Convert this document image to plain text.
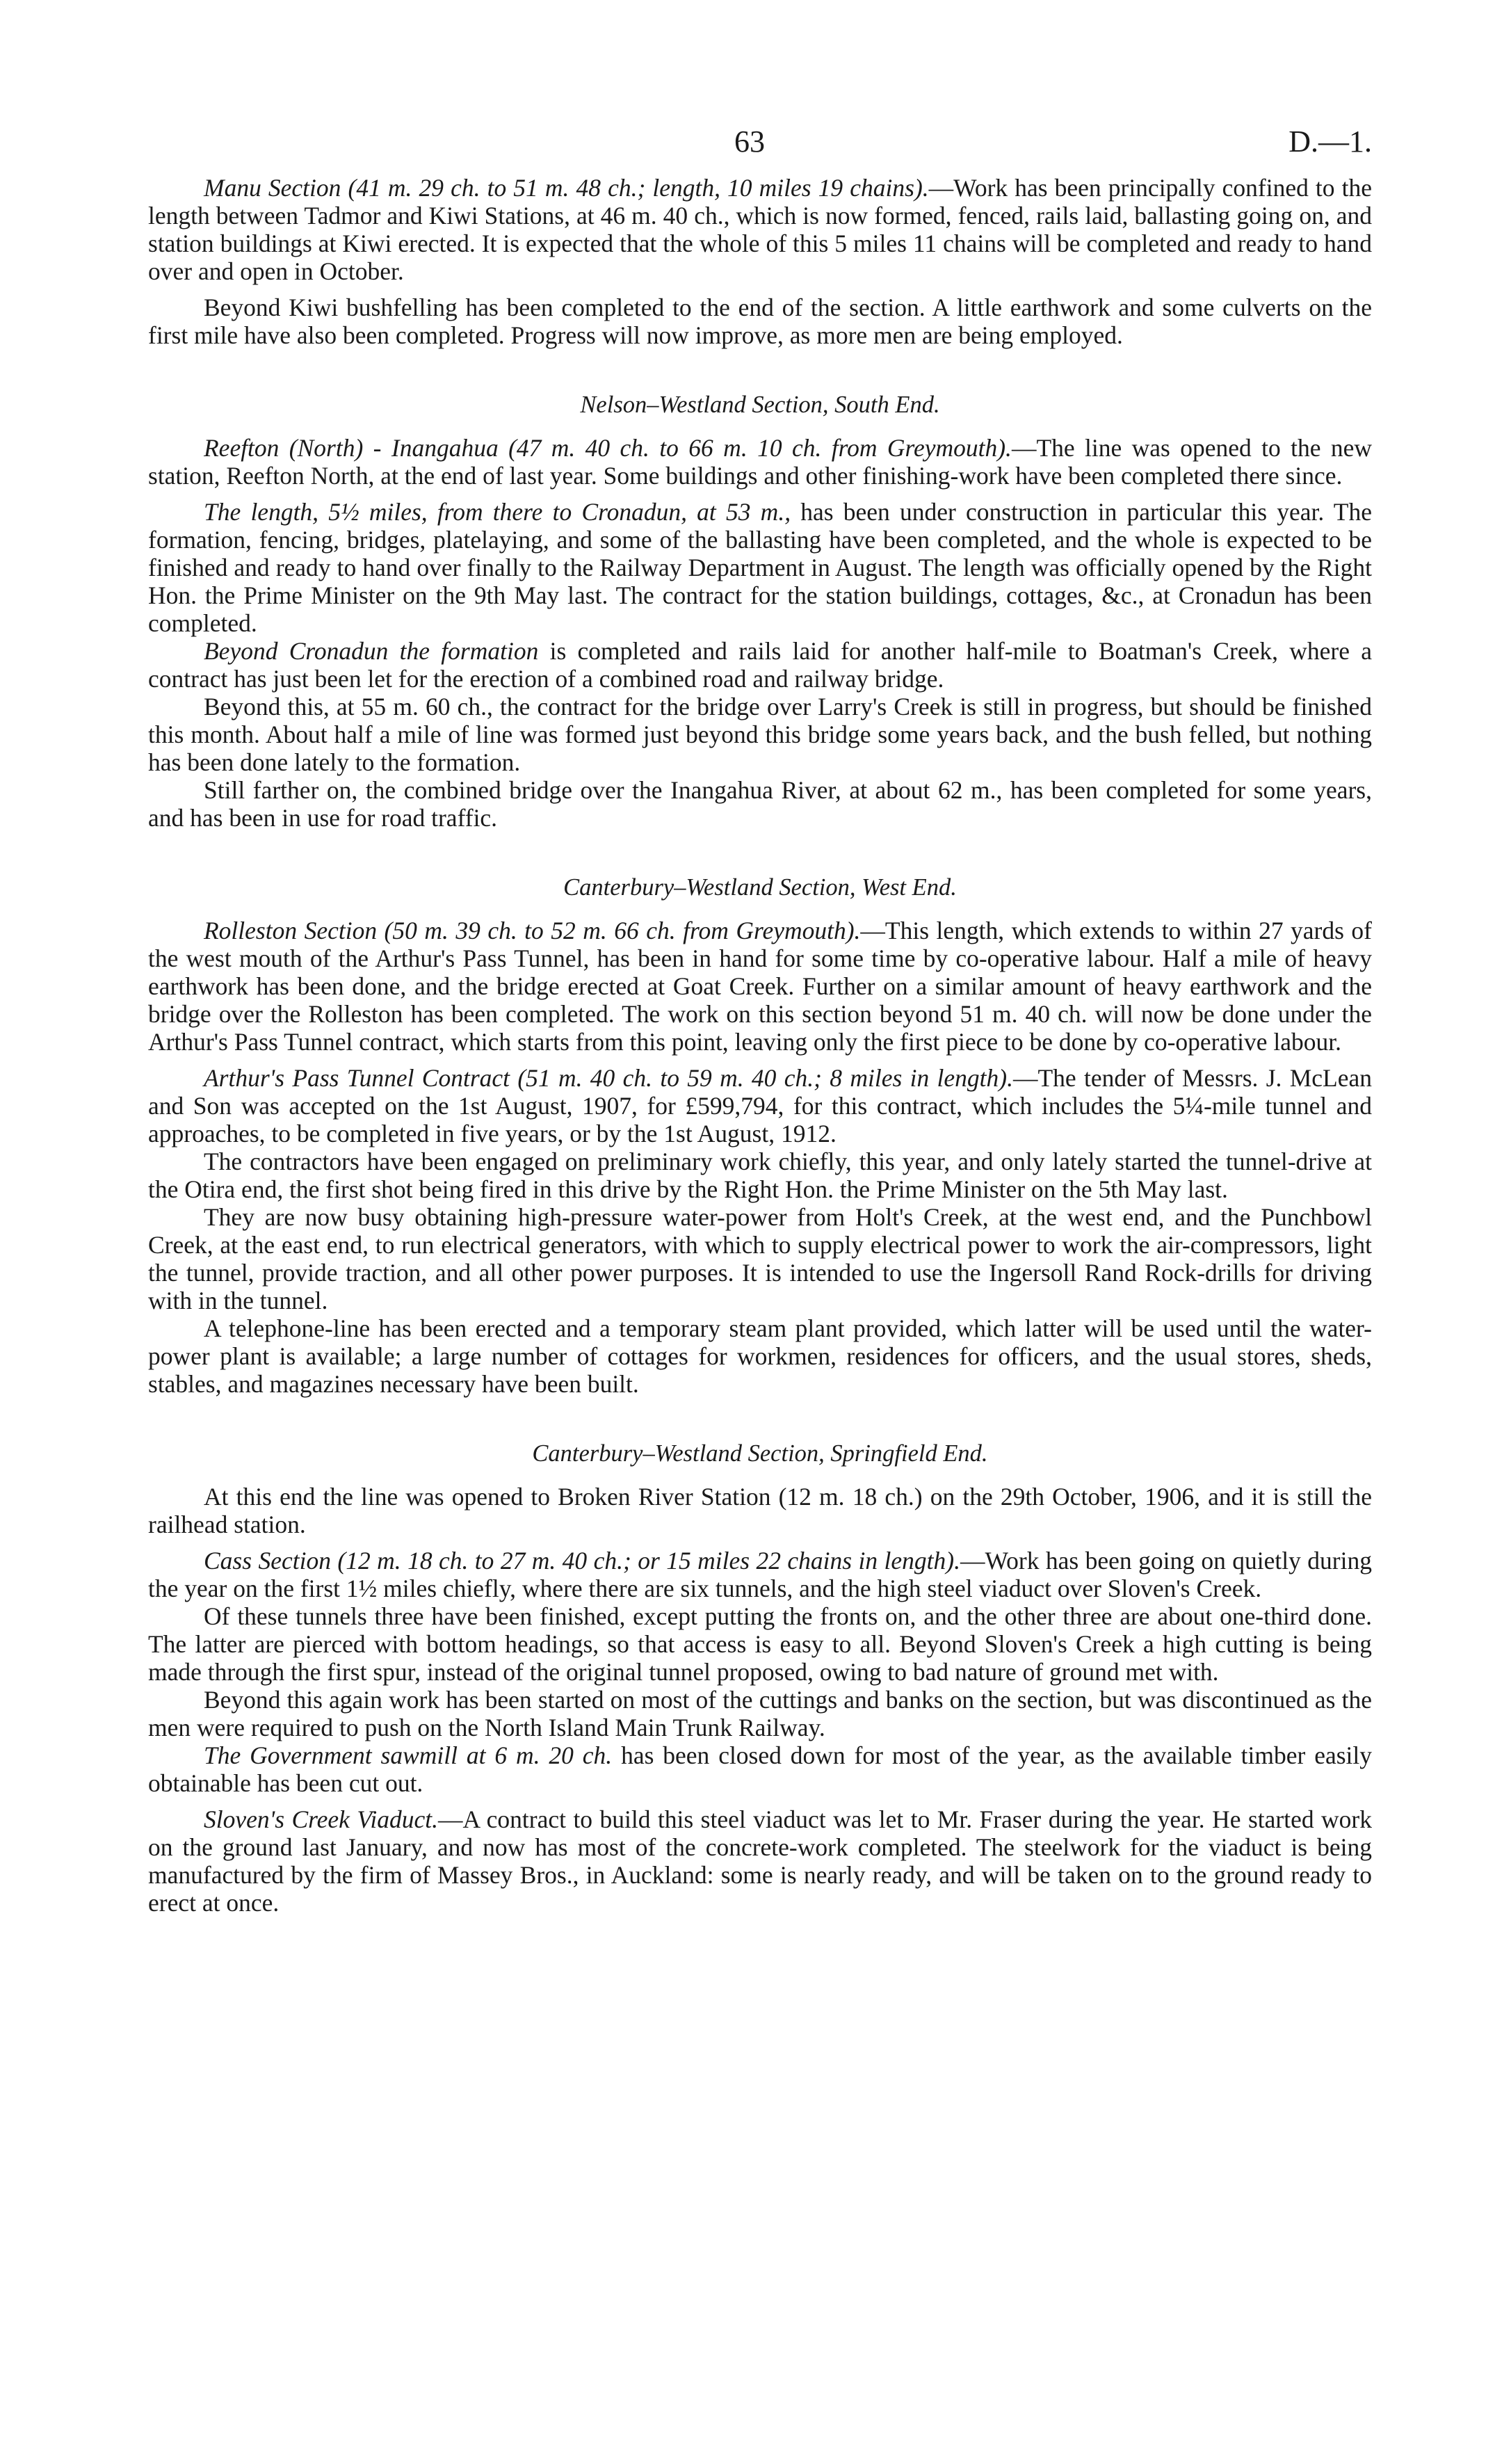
63	D.—1.

Manu Section (41 m. 29 ch. to 51 m. 48 ch.; length, 10 miles 19 chains).—Work has been principally confined to the length between Tadmor and Kiwi Stations, at 46 m. 40 ch., which is now formed, fenced, rails laid, ballasting going on, and station buildings at Kiwi erected. It is expected that the whole of this 5 miles 11 chains will be completed and ready to hand over and open in October.

Beyond Kiwi bushfelling has been completed to the end of the section. A little earthwork and some culverts on the first mile have also been completed. Progress will now improve, as more men are being employed.

Nelson–Westland Section, South End.

Reefton (North) - Inangahua (47 m. 40 ch. to 66 m. 10 ch. from Greymouth).—The line was opened to the new station, Reefton North, at the end of last year. Some buildings and other finishing-work have been completed there since.

The length, 5½ miles, from there to Cronadun, at 53 m., has been under construction in particular this year. The formation, fencing, bridges, platelaying, and some of the ballasting have been completed, and the whole is expected to be finished and ready to hand over finally to the Railway Department in August. The length was officially opened by the Right Hon. the Prime Minister on the 9th May last. The contract for the station buildings, cottages, &c., at Cronadun has been completed.

Beyond Cronadun the formation is completed and rails laid for another half-mile to Boatman's Creek, where a contract has just been let for the erection of a combined road and railway bridge.

Beyond this, at 55 m. 60 ch., the contract for the bridge over Larry's Creek is still in progress, but should be finished this month. About half a mile of line was formed just beyond this bridge some years back, and the bush felled, but nothing has been done lately to the formation.

Still farther on, the combined bridge over the Inangahua River, at about 62 m., has been completed for some years, and has been in use for road traffic.

Canterbury–Westland Section, West End.

Rolleston Section (50 m. 39 ch. to 52 m. 66 ch. from Greymouth).—This length, which extends to within 27 yards of the west mouth of the Arthur's Pass Tunnel, has been in hand for some time by co-operative labour. Half a mile of heavy earthwork has been done, and the bridge erected at Goat Creek. Further on a similar amount of heavy earthwork and the bridge over the Rolleston has been completed. The work on this section beyond 51 m. 40 ch. will now be done under the Arthur's Pass Tunnel contract, which starts from this point, leaving only the first piece to be done by co-operative labour.

Arthur's Pass Tunnel Contract (51 m. 40 ch. to 59 m. 40 ch.; 8 miles in length).—The tender of Messrs. J. McLean and Son was accepted on the 1st August, 1907, for £599,794, for this contract, which includes the 5¼-mile tunnel and approaches, to be completed in five years, or by the 1st August, 1912.

The contractors have been engaged on preliminary work chiefly, this year, and only lately started the tunnel-drive at the Otira end, the first shot being fired in this drive by the Right Hon. the Prime Minister on the 5th May last.

They are now busy obtaining high-pressure water-power from Holt's Creek, at the west end, and the Punchbowl Creek, at the east end, to run electrical generators, with which to supply electrical power to work the air-compressors, light the tunnel, provide traction, and all other power purposes. It is intended to use the Ingersoll Rand Rock-drills for driving with in the tunnel.

A telephone-line has been erected and a temporary steam plant provided, which latter will be used until the water-power plant is available; a large number of cottages for workmen, residences for officers, and the usual stores, sheds, stables, and magazines necessary have been built.

Canterbury–Westland Section, Springfield End.

At this end the line was opened to Broken River Station (12 m. 18 ch.) on the 29th October, 1906, and it is still the railhead station.

Cass Section (12 m. 18 ch. to 27 m. 40 ch.; or 15 miles 22 chains in length).—Work has been going on quietly during the year on the first 1½ miles chiefly, where there are six tunnels, and the high steel viaduct over Sloven's Creek.

Of these tunnels three have been finished, except putting the fronts on, and the other three are about one-third done. The latter are pierced with bottom headings, so that access is easy to all. Beyond Sloven's Creek a high cutting is being made through the first spur, instead of the original tunnel proposed, owing to bad nature of ground met with.

Beyond this again work has been started on most of the cuttings and banks on the section, but was discontinued as the men were required to push on the North Island Main Trunk Railway.

The Government sawmill at 6 m. 20 ch. has been closed down for most of the year, as the available timber easily obtainable has been cut out.

Sloven's Creek Viaduct.—A contract to build this steel viaduct was let to Mr. Fraser during the year. He started work on the ground last January, and now has most of the concrete-work completed. The steelwork for the viaduct is being manufactured by the firm of Massey Bros., in Auckland: some is nearly ready, and will be taken on to the ground ready to erect at once.
